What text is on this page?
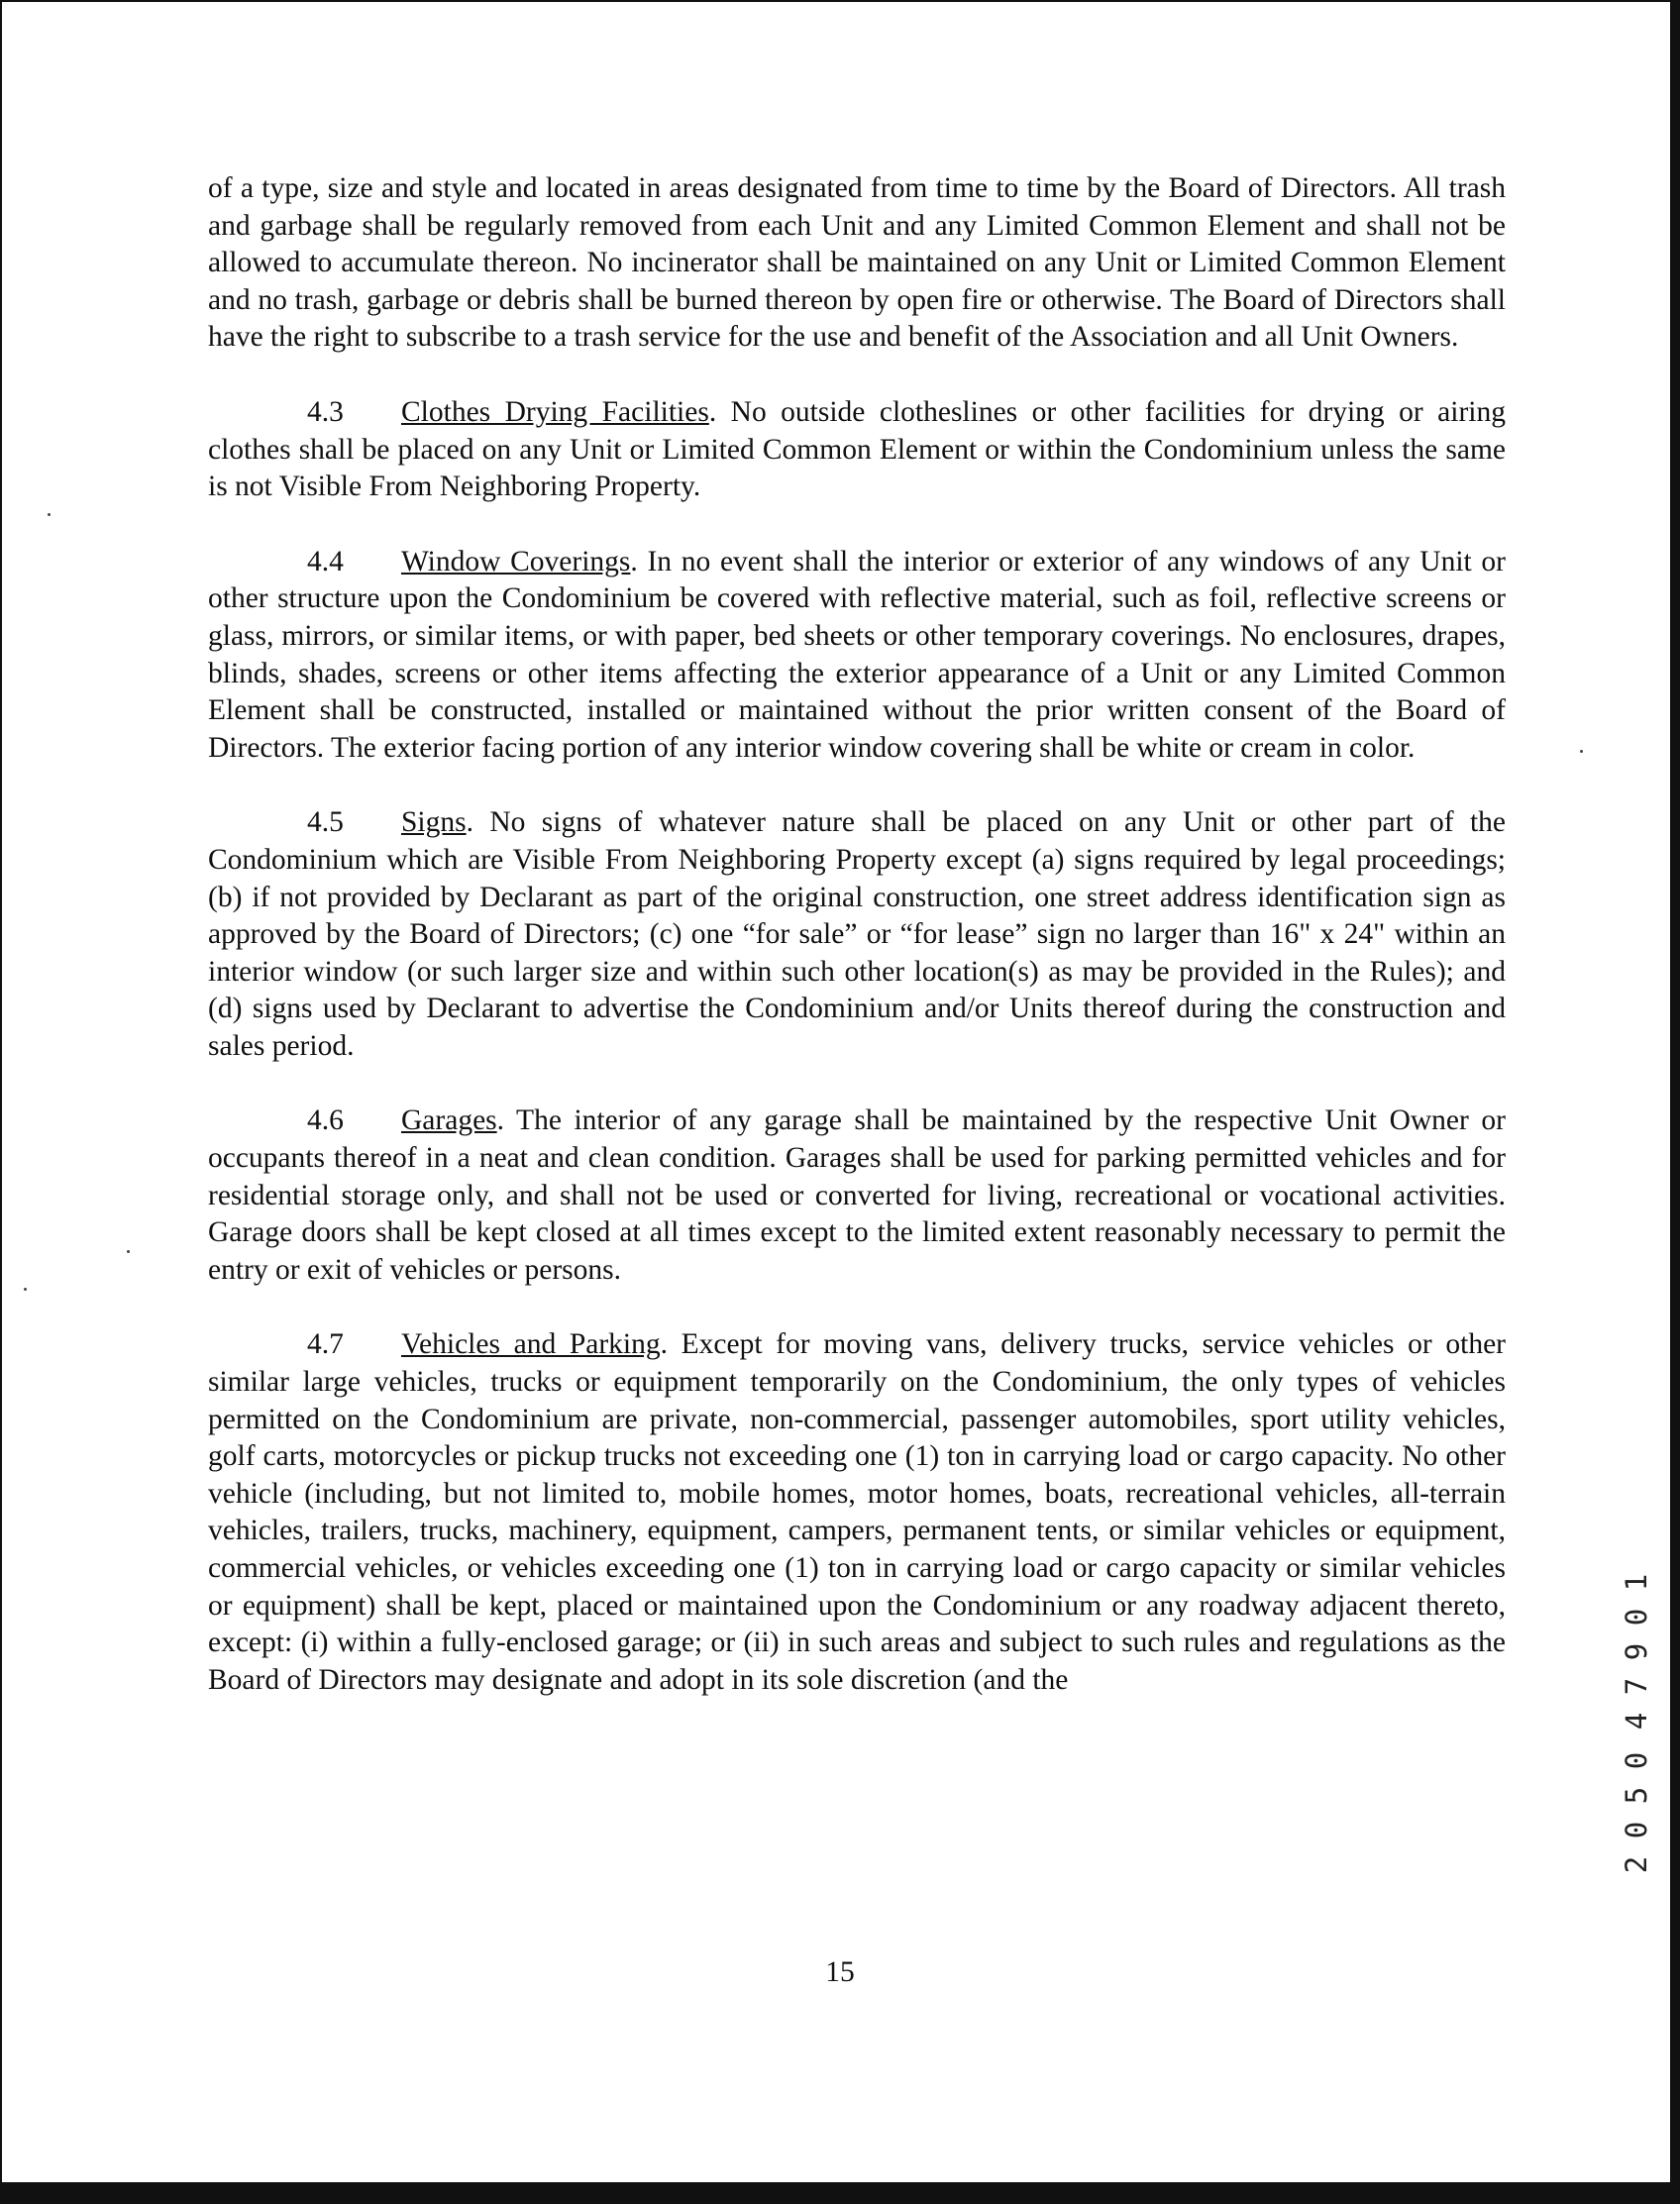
of a type, size and style and located in areas designated from time to time by the Board of Directors. All trash and garbage shall be regularly removed from each Unit and any Limited Common Element and shall not be allowed to accumulate thereon. No incinerator shall be maintained on any Unit or Limited Common Element and no trash, garbage or debris shall be burned thereon by open fire or otherwise. The Board of Directors shall have the right to subscribe to a trash service for the use and benefit of the Association and all Unit Owners.

4.3 Clothes Drying Facilities. No outside clotheslines or other facilities for drying or airing clothes shall be placed on any Unit or Limited Common Element or within the Condominium unless the same is not Visible From Neighboring Property.

4.4 Window Coverings. In no event shall the interior or exterior of any windows of any Unit or other structure upon the Condominium be covered with reflective material, such as foil, reflective screens or glass, mirrors, or similar items, or with paper, bed sheets or other temporary coverings. No enclosures, drapes, blinds, shades, screens or other items affecting the exterior appearance of a Unit or any Limited Common Element shall be constructed, installed or maintained without the prior written consent of the Board of Directors. The exterior facing portion of any interior window covering shall be white or cream in color.

4.5 Signs. No signs of whatever nature shall be placed on any Unit or other part of the Condominium which are Visible From Neighboring Property except (a) signs required by legal proceedings; (b) if not provided by Declarant as part of the original construction, one street address identification sign as approved by the Board of Directors; (c) one “for sale” or “for lease” sign no larger than 16" x 24" within an interior window (or such larger size and within such other location(s) as may be provided in the Rules); and (d) signs used by Declarant to advertise the Condominium and/or Units thereof during the construction and sales period.

4.6 Garages. The interior of any garage shall be maintained by the respective Unit Owner or occupants thereof in a neat and clean condition. Garages shall be used for parking permitted vehicles and for residential storage only, and shall not be used or converted for living, recreational or vocational activities. Garage doors shall be kept closed at all times except to the limited extent reasonably necessary to permit the entry or exit of vehicles or persons.

4.7 Vehicles and Parking. Except for moving vans, delivery trucks, service vehicles or other similar large vehicles, trucks or equipment temporarily on the Condominium, the only types of vehicles permitted on the Condominium are private, non-commercial, passenger automobiles, sport utility vehicles, golf carts, motorcycles or pickup trucks not exceeding one (1) ton in carrying load or cargo capacity. No other vehicle (including, but not limited to, mobile homes, motor homes, boats, recreational vehicles, all-terrain vehicles, trailers, trucks, machinery, equipment, campers, permanent tents, or similar vehicles or equipment, commercial vehicles, or vehicles exceeding one (1) ton in carrying load or cargo capacity or similar vehicles or equipment) shall be kept, placed or maintained upon the Condominium or any roadway adjacent thereto, except: (i) within a fully-enclosed garage; or (ii) in such areas and subject to such rules and regulations as the Board of Directors may designate and adopt in its sole discretion (and the

15
1
0
9
7
4
0
5
0
2
